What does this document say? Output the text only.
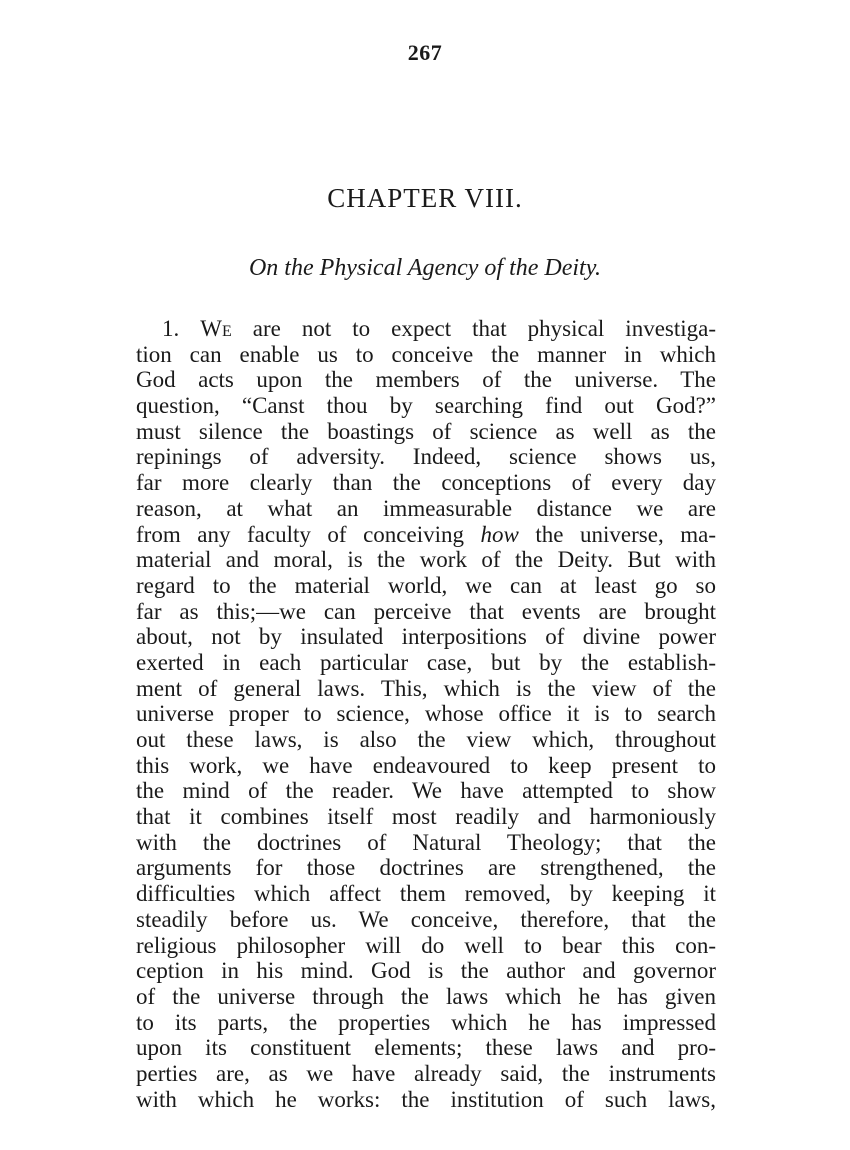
267
CHAPTER VIII.
On the Physical Agency of the Deity.
1. We are not to expect that physical investiga-
tion can enable us to conceive the manner in which
God acts upon the members of the universe. The
question, “Canst thou by searching find out God?”
must silence the boastings of science as well as the
repinings of adversity. Indeed, science shows us,
far more clearly than the conceptions of every day
reason, at what an immeasurable distance we are
from any faculty of conceiving how the universe, ma-
material and moral, is the work of the Deity. But with
regard to the material world, we can at least go so
far as this;—we can perceive that events are brought
about, not by insulated interpositions of divine power
exerted in each particular case, but by the establish-
ment of general laws. This, which is the view of the
universe proper to science, whose office it is to search
out these laws, is also the view which, throughout
this work, we have endeavoured to keep present to
the mind of the reader. We have attempted to show
that it combines itself most readily and harmoniously
with the doctrines of Natural Theology; that the
arguments for those doctrines are strengthened, the
difficulties which affect them removed, by keeping it
steadily before us. We conceive, therefore, that the
religious philosopher will do well to bear this con-
ception in his mind. God is the author and governor
of the universe through the laws which he has given
to its parts, the properties which he has impressed
upon its constituent elements; these laws and pro-
perties are, as we have already said, the instruments
with which he works: the institution of such laws,
